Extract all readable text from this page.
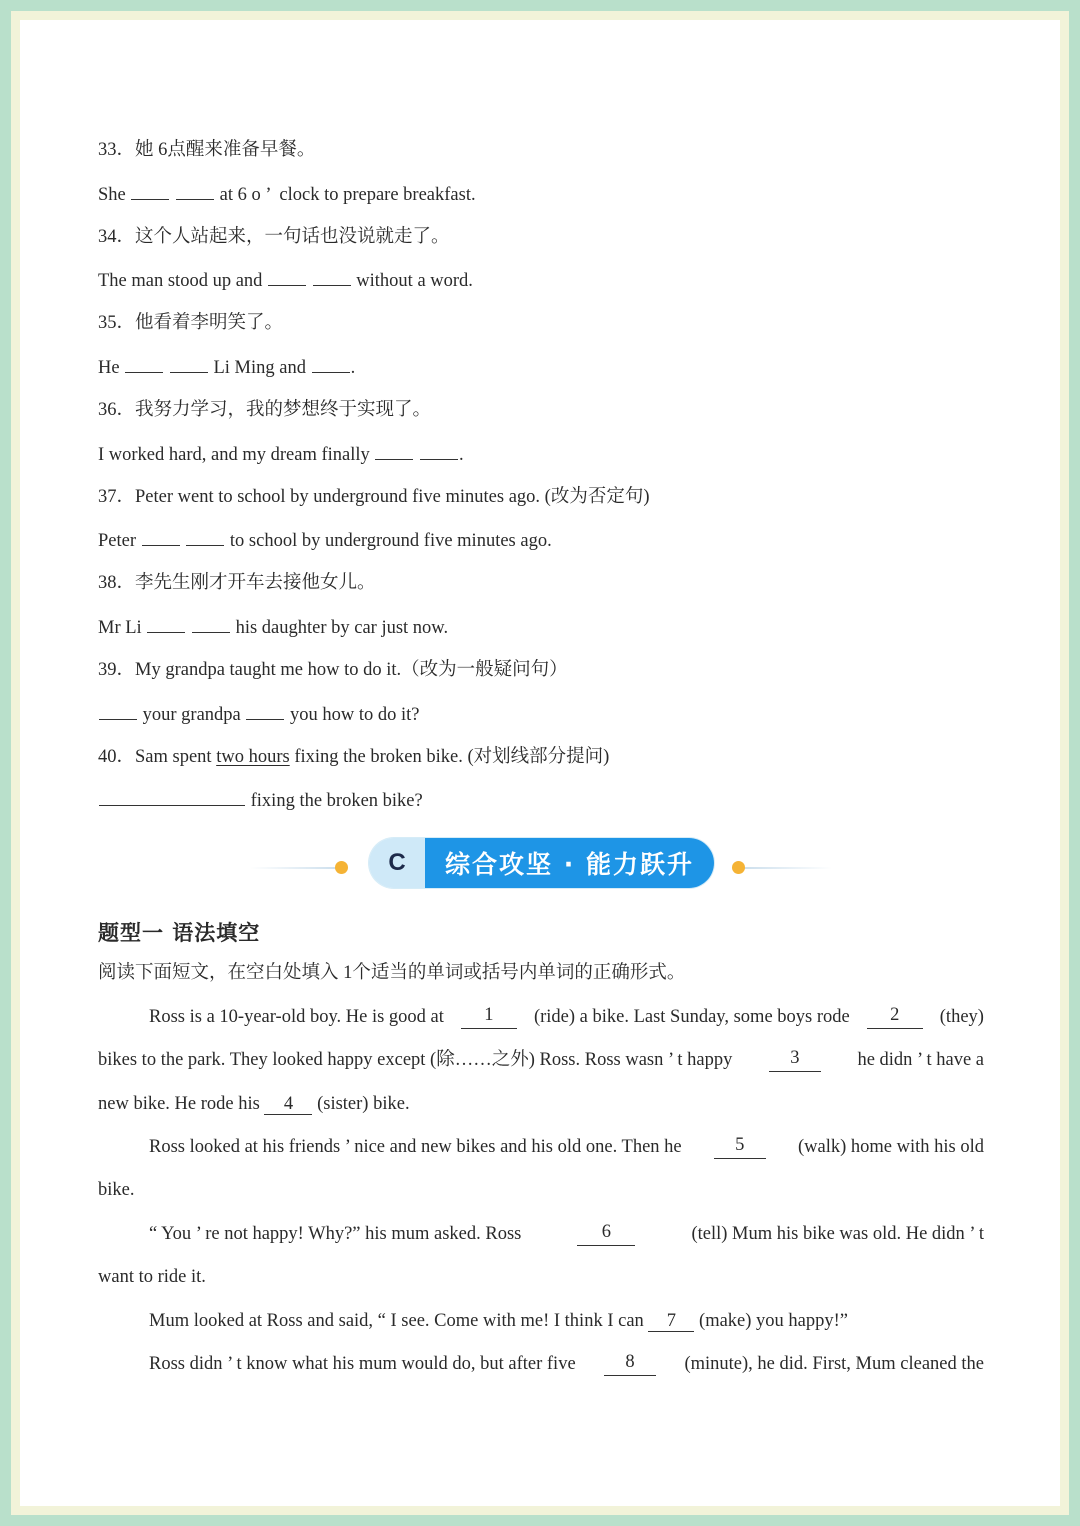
33．她 6点醒来准备早餐。
She	at 6 o ’  clock to prepare breakfast.
34．这个人站起来，一句话也没说就走了。
The man stood up and	without a word.
35．他看着李明笑了。
He	Li Ming and .
36．我努力学习，我的梦想终于实现了。
I worked hard, and my dream finally	.
37．Peter went to school by underground five minutes ago. (改为否定句)
Peter	to school by underground five minutes ago.
38．李先生刚才开车去接他女儿。
Mr Li	his daughter by car just now.
39．My grandpa taught me how to do it.（改为一般疑问句）
your grandpa  you how to do it?
40．Sam spent two hours fixing the broken bike. (对划线部分提问)
fixing the broken bike?
C	综合攻坚 · 能力跃升
题型一 语法填空
阅读下面短文，在空白处填入 1个适当的单词或括号内单词的正确形式。
Ross is a 10-year-old boy. He is good at	1	(ride) a bike. Last Sunday, some boys rode	2	(they)
bikes to the park. They looked happy except (除……之外) Ross. Ross wasn ’ t happy	3	he didn ’ t have a
new bike. He rode his 4 (sister) bike.
Ross looked at his friends ’ nice and new bikes and his old one. Then he	5	(walk) home with his old
bike.
“ You ’ re not happy! Why?” his mum asked. Ross	6	(tell) Mum his bike was old. He didn ’ t
want to ride it.
Mum looked at Ross and said, “ I see. Come with me! I think I can 7 (make) you happy!”
Ross didn ’ t know what his mum would do, but after five	8	(minute), he did. First, Mum cleaned the
